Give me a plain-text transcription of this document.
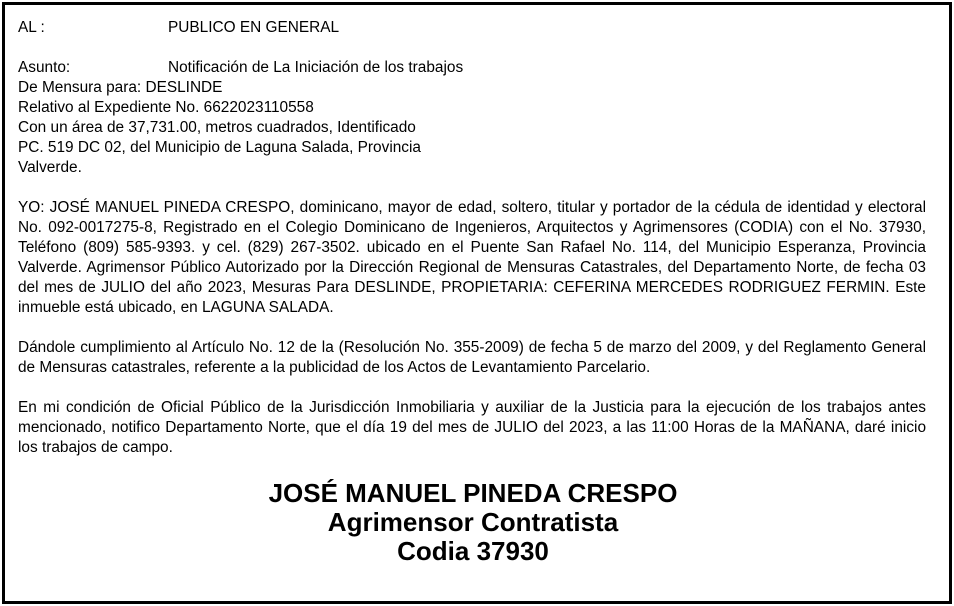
AL :	PUBLICO EN GENERAL
Asunto:	Notificación de La Iniciación de los trabajos
De Mensura para: DESLINDE
Relativo al Expediente No. 6622023110558
Con un área de 37,731.00, metros cuadrados, Identificado
PC. 519 DC 02, del Municipio de Laguna Salada, Provincia
Valverde.

YO: JOSÉ MANUEL PINEDA CRESPO, dominicano, mayor de edad, soltero, titular y portador de la cédula de identidad y electoral No. 092-0017275-8, Registrado en el Colegio Dominicano de Ingenieros, Arquitectos y Agrimensores (CODIA) con el No. 37930, Teléfono (809) 585-9393. y cel. (829) 267-3502. ubicado en el Puente San Rafael No. 114, del Municipio Esperanza, Provincia Valverde. Agrimensor Público Autorizado por la Dirección Regional de Mensuras Catastrales, del Departamento Norte, de fecha 03 del mes de JULIO del año 2023, Mesuras Para DESLINDE, PROPIETARIA: CEFERINA MERCEDES RODRIGUEZ FERMIN. Este inmueble está ubicado, en LAGUNA SALADA.

Dándole cumplimiento al Artículo No. 12 de la (Resolución No. 355-2009) de fecha 5 de marzo del 2009, y del Reglamento General de Mensuras catastrales, referente a la publicidad de los Actos de Levantamiento Parcelario.

En mi condición de Oficial Público de la Jurisdicción Inmobiliaria y auxiliar de la Justicia para la ejecución de los trabajos antes mencionado, notifico Departamento Norte, que el día 19 del mes de JULIO del 2023, a las 11:00 Horas de la MAÑANA, daré inicio los trabajos de campo.

JOSÉ MANUEL PINEDA CRESPO
Agrimensor Contratista
Codia 37930
